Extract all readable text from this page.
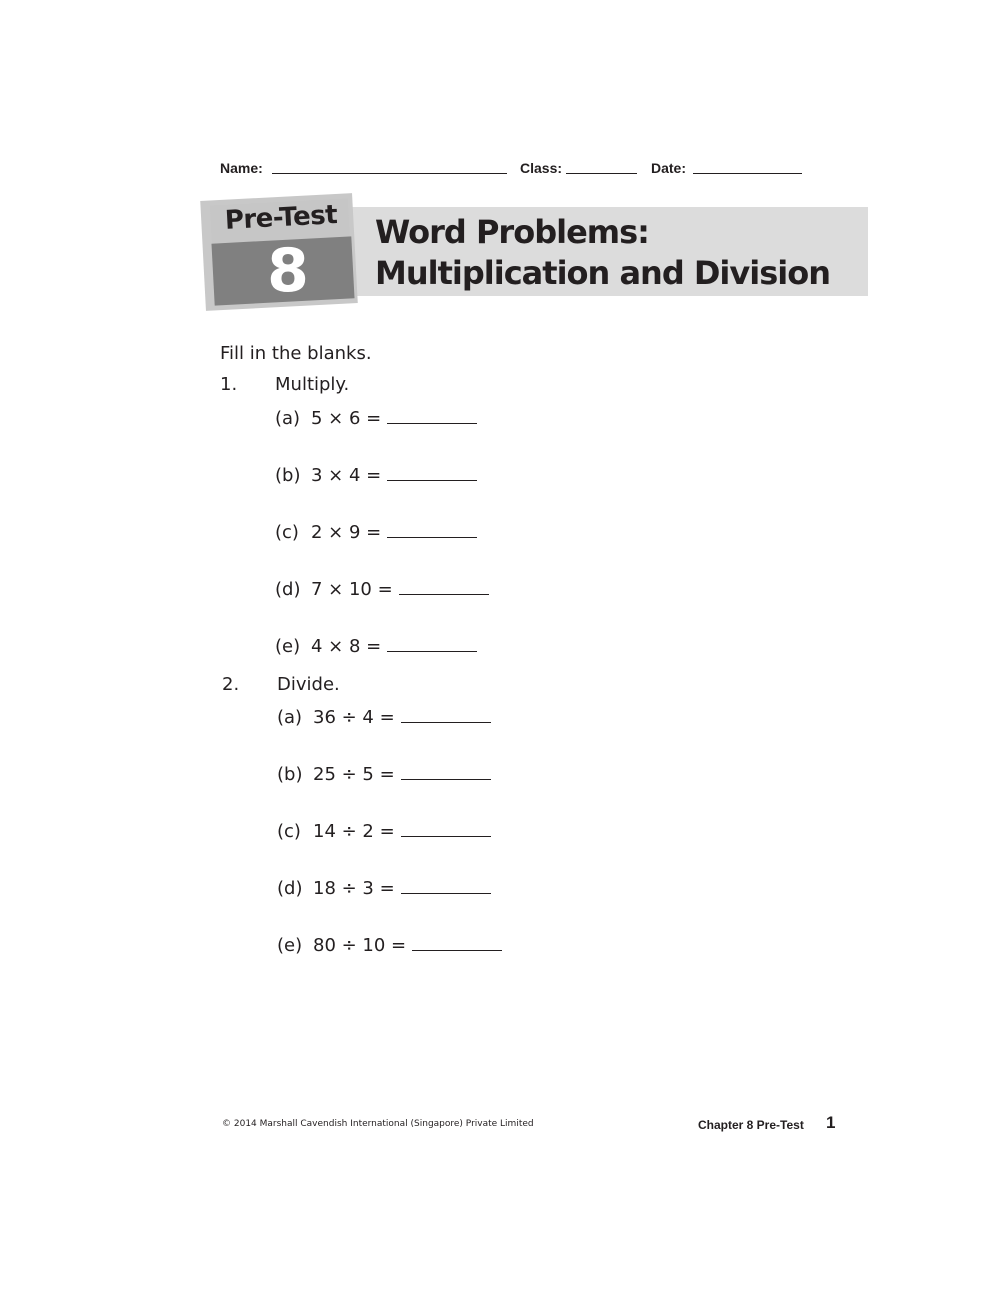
Name:	Class:	Date:
Pre-Test
8
Word Problems:
Multiplication and Division
Fill in the blanks.
1. Multiply.
(a) 5 × 6 =
(b) 3 × 4 =
(c) 2 × 9 =
(d) 7 × 10 =
(e) 4 × 8 =
2. Divide.
(a) 36 ÷ 4 =
(b) 25 ÷ 5 =
(c) 14 ÷ 2 =
(d) 18 ÷ 3 =
(e) 80 ÷ 10 =
© 2014 Marshall Cavendish International (Singapore) Private Limited	Chapter 8 Pre-Test 1
